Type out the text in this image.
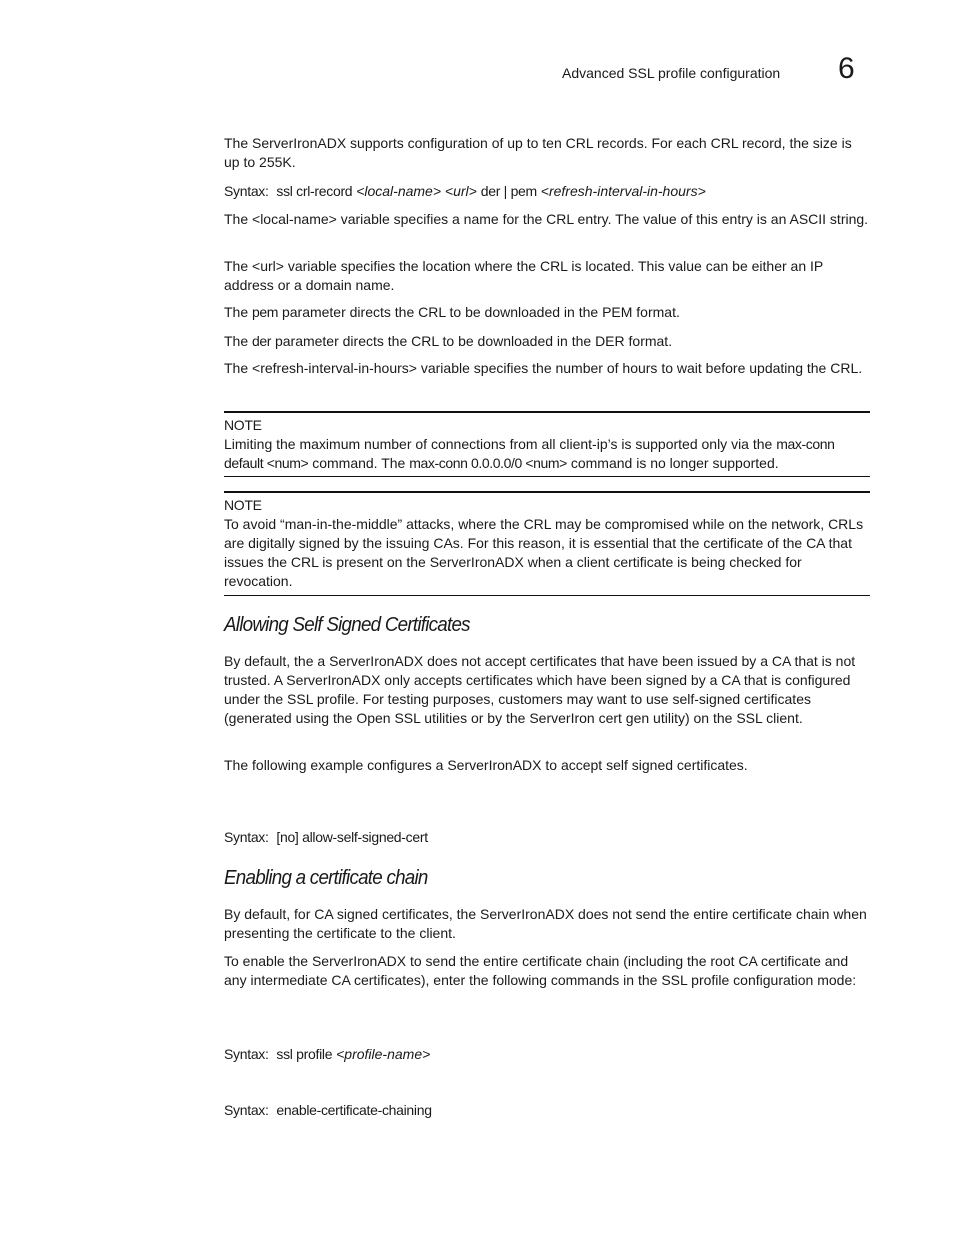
Advanced SSL profile configuration 6

The ServerIronADX supports configuration of up to ten CRL records. For each CRL record, the size is up to 255K.

Syntax: ssl crl-record <local-name> <url> der | pem <refresh-interval-in-hours>

The <local-name> variable specifies a name for the CRL entry. The value of this entry is an ASCII string.

The <url> variable specifies the location where the CRL is located. This value can be either an IP address or a domain name.

The pem parameter directs the CRL to be downloaded in the PEM format.

The der parameter directs the CRL to be downloaded in the DER format.

The <refresh-interval-in-hours> variable specifies the number of hours to wait before updating the CRL.

NOTE

Limiting the maximum number of connections from all client-ip’s is supported only via the max-conn default <num> command. The max-conn 0.0.0.0/0 <num> command is no longer supported.

NOTE

To avoid “man-in-the-middle” attacks, where the CRL may be compromised while on the network, CRLs are digitally signed by the issuing CAs. For this reason, it is essential that the certificate of the CA that issues the CRL is present on the ServerIronADX when a client certificate is being checked for revocation.

Allowing Self Signed Certificates

By default, the a ServerIronADX does not accept certificates that have been issued by a CA that is not trusted. A ServerIronADX only accepts certificates which have been signed by a CA that is configured under the SSL profile. For testing purposes, customers may want to use self-signed certificates (generated using the Open SSL utilities or by the ServerIron cert gen utility) on the SSL client.

The following example configures a ServerIronADX to accept self signed certificates.

Syntax: [no] allow-self-signed-cert

Enabling a certificate chain

By default, for CA signed certificates, the ServerIronADX does not send the entire certificate chain when presenting the certificate to the client.

To enable the ServerIronADX to send the entire certificate chain (including the root CA certificate and any intermediate CA certificates), enter the following commands in the SSL profile configuration mode:

Syntax: ssl profile <profile-name>

Syntax: enable-certificate-chaining
